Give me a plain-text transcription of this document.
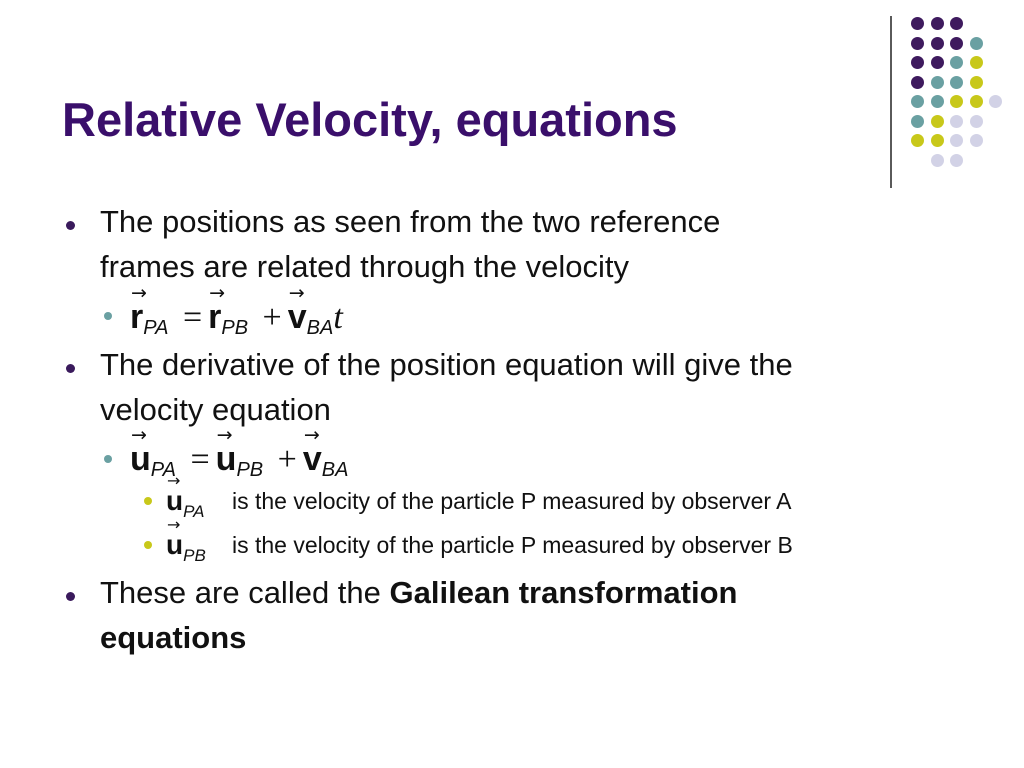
Relative Velocity, equations
The positions as seen from the two reference
frames are related through the velocity
→ $r_{PA} =\to r_{PB} +\to v_{BA}t$
The derivative of the position equation will give the
velocity equation
→ $u_{PA} =\to u_{PB} +\to v_{BA}$
→ $u_{PA}$ is the velocity of the particle P measured by observer A
→ $u_{PB}$ is the velocity of the particle P measured by observer B
These are called the Galilean transformation
equations
